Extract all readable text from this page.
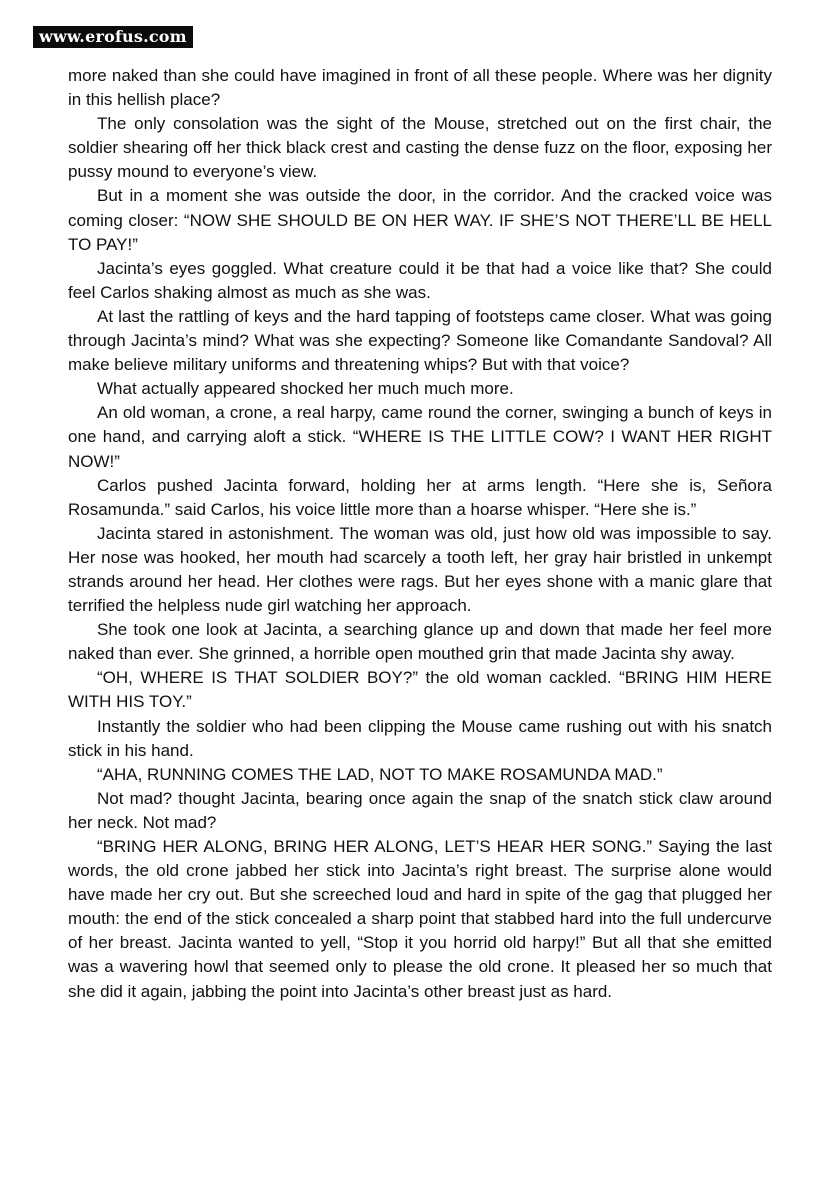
www.erofus.com

more naked than she could have imagined in front of all these people. Where was her dignity in this hellish place?

The only consolation was the sight of the Mouse, stretched out on the first chair, the soldier shearing off her thick black crest and casting the dense fuzz on the floor, exposing her pussy mound to everyone’s view.

But in a moment she was outside the door, in the corridor. And the cracked voice was coming closer: “NOW SHE SHOULD BE ON HER WAY. IF SHE’S NOT THERE’LL BE HELL TO PAY!”

Jacinta’s eyes goggled. What creature could it be that had a voice like that? She could feel Carlos shaking almost as much as she was.

At last the rattling of keys and the hard tapping of footsteps came closer. What was going through Jacinta’s mind? What was she expecting? Someone like Comandante Sandoval? All make believe military uniforms and threatening whips? But with that voice?

What actually appeared shocked her much much more.

An old woman, a crone, a real harpy, came round the corner, swinging a bunch of keys in one hand, and carrying aloft a stick. “WHERE IS THE LITTLE COW? I WANT HER RIGHT NOW!”

Carlos pushed Jacinta forward, holding her at arms length. “Here she is, Señora Rosamunda.” said Carlos, his voice little more than a hoarse whisper. “Here she is.”

Jacinta stared in astonishment. The woman was old, just how old was impossible to say. Her nose was hooked, her mouth had scarcely a tooth left, her gray hair bristled in unkempt strands around her head. Her clothes were rags. But her eyes shone with a manic glare that terrified the helpless nude girl watching her approach.

She took one look at Jacinta, a searching glance up and down that made her feel more naked than ever. She grinned, a horrible open mouthed grin that made Jacinta shy away.

“OH, WHERE IS THAT SOLDIER BOY?” the old woman cackled. “BRING HIM HERE WITH HIS TOY.”

Instantly the soldier who had been clipping the Mouse came rushing out with his snatch stick in his hand.

“AHA, RUNNING COMES THE LAD, NOT TO MAKE ROSAMUNDA MAD.”

Not mad? thought Jacinta, bearing once again the snap of the snatch stick claw around her neck. Not mad?

“BRING HER ALONG, BRING HER ALONG, LET’S HEAR HER SONG.” Saying the last words, the old crone jabbed her stick into Jacinta’s right breast. The surprise alone would have made her cry out. But she screeched loud and hard in spite of the gag that plugged her mouth: the end of the stick concealed a sharp point that stabbed hard into the full undercurve of her breast. Jacinta wanted to yell, “Stop it you horrid old harpy!” But all that she emitted was a wavering howl that seemed only to please the old crone. It pleased her so much that she did it again, jabbing the point into Jacinta’s other breast just as hard.
